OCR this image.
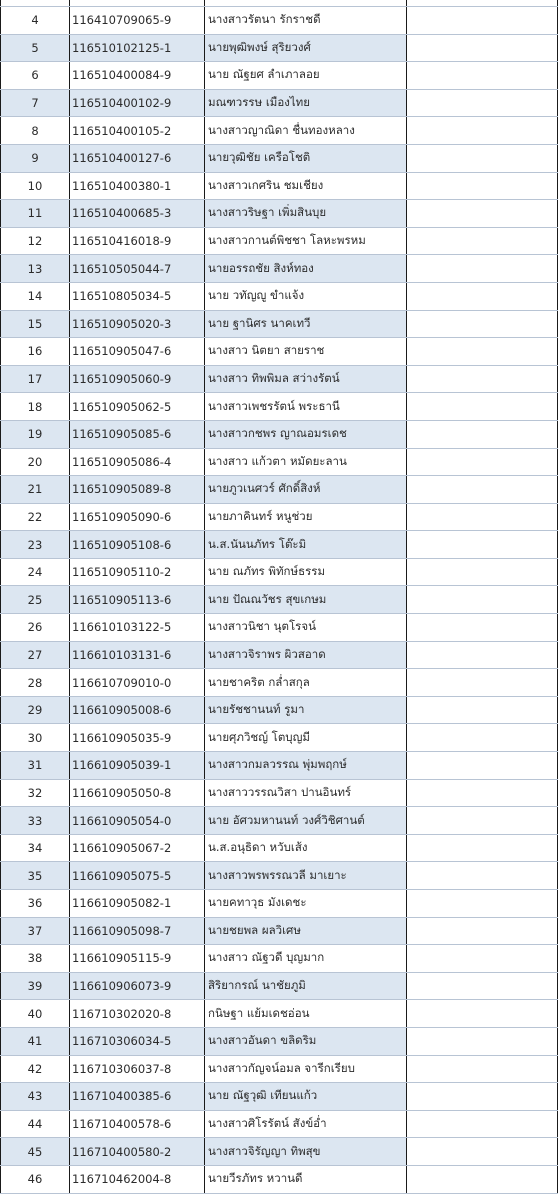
4	116410709065-9	นางสาวรัตนา รักราชดี	
5	116510102125-1	นายพุฒิพงษ์ สุริยวงศ์	
6	116510400084-9	นาย ณัฐยศ ลำเภาลอย	
7	116510400102-9	มณฑวรรษ เมืองไทย	
8	116510400105-2	นางสาวญาณิดา ชื่นทองหลาง	
9	116510400127-6	นายวุฒิชัย เครือโชติ	
10	116510400380-1	นางสาวเกศริน ชมเชียง	
11	116510400685-3	นางสาวริษฐา เพิ่มสินบุย	
12	116510416018-9	นางสาวกานต์พิชชา โลหะพรหม	
13	116510505044-7	นายอรรถชัย สิงห์ทอง	
14	116510805034-5	นาย วทัญญู ขำแจ้ง	
15	116510905020-3	นาย ฐานิศร นาคเทวี	
16	116510905047-6	นางสาว นิตยา สายราช	
17	116510905060-9	นางสาว ทิพพิมล สว่างรัตน์	
18	116510905062-5	นางสาวเพชรรัตน์ พระธานี	
19	116510905085-6	นางสาวกชพร ญาณอมรเดช	
20	116510905086-4	นางสาว แก้วตา หมัดยะลาน	
21	116510905089-8	นายภูวเนศวร์ ศักดิ์สิงห์	
22	116510905090-6	นายภาคินทร์ หนูช่วย	
23	116510905108-6	น.ส.นันนภัทร โต๊ะมิ	
24	116510905110-2	นาย ณภัทร พิทักษ์ธรรม	
25	116510905113-6	นาย ปัณณวัชร สุขเกษม	
26	116610103122-5	นางสาวนิชา นุตโรจน์	
27	116610103131-6	นางสาวจิราพร ผิวสอาด	
28	116610709010-0	นายชาคริต กล่ำสกุล	
29	116610905008-6	นายรัชชานนท์ รูมา	
30	116610905035-9	นายศุภวิชญ์ โตบุญมี	
31	116610905039-1	นางสาวกมลวรรณ พุ่มพฤกษ์	
32	116610905050-8	นางสาววรรณวิสา ปานอินทร์	
33	116610905054-0	นาย อัศวมหานนท์ วงศ์วิชิศานต์	
34	116610905067-2	น.ส.อนุธิดา หวับเส้ง	
35	116610905075-5	นางสาวพรพรรณวลี มาเยาะ	
36	116610905082-1	นายคทาวุธ มังเดชะ	
37	116610905098-7	นายชยพล ผลวิเศษ	
38	116610905115-9	นางสาว ณัฐวดี บุญมาก	
39	116610906073-9	สิริยากรณ์ นาชัยภูมิ	
40	116710302020-8	กนิษฐา แย้มเดชอ่อน	
41	116710306034-5	นางสาวอันดา ขลิดริม	
42	116710306037-8	นางสาวกัญจน์อมล จารีกเรียบ	
43	116710400385-6	นาย ณัฐวุฒิ เทียนแก้ว	
44	116710400578-6	นางสาวศิโรรัตน์ สังข์อ่ำ	
45	116710400580-2	นางสาวจิรัญญา ทิพสุข	
46	116710462004-8	นายวีรภัทร หวานดี	
